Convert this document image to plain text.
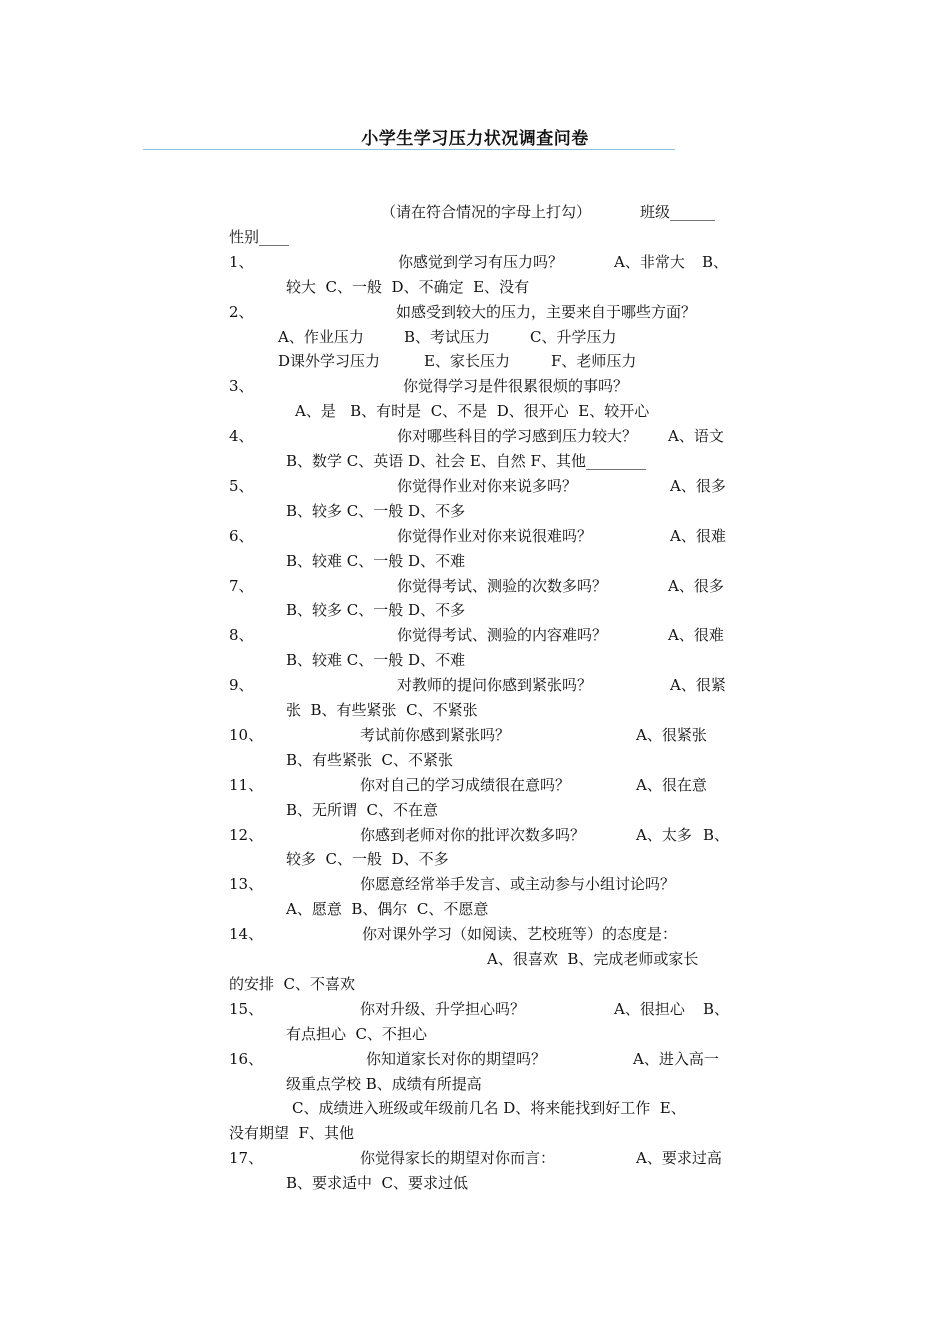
小学生学习压力状况调查问卷
（请在符合情况的字母上打勾）	班级______
性别____
1、	你感觉到学习有压力吗？	A、非常大 B、
较大  C、一般  D、不确定  E、没有
2、	如感受到较大的压力，主要来自于哪些方面？
A、作业压力	B、考试压力	C、升学压力
D课外学习压力	E、家长压力	F、老师压力
3、	你觉得学习是件很累很烦的事吗？
A、是   B、有时是  C、不是  D、很开心  E、较开心
4、	你对哪些科目的学习感到压力较大？ A、语文
B、数学 C、英语 D、社会 E、自然 F、其他________
5、	你觉得作业对你来说多吗？	A、很多
B、较多 C、一般 D、不多
6、	你觉得作业对你来说很难吗？	A、很难
B、较难 C、一般 D、不难
7、	你觉得考试、测验的次数多吗？	A、很多
B、较多 C、一般 D、不多
8、	你觉得考试、测验的内容难吗？	A、很难
B、较难 C、一般 D、不难
9、	对教师的提问你感到紧张吗？	A、很紧
张  B、有些紧张  C、不紧张
10、	考试前你感到紧张吗？	A、很紧张
B、有些紧张  C、不紧张
11、	你对自己的学习成绩很在意吗？	A、很在意
B、无所谓  C、不在意
12、	你感到老师对你的批评次数多吗？	A、太多 B、
较多  C、一般  D、不多
13、	你愿意经常举手发言、或主动参与小组讨论吗？
A、愿意  B、偶尔  C、不愿意
14、	你对课外学习（如阅读、艺校班等）的态度是：
A、很喜欢  B、完成老师或家长
的安排  C、不喜欢
15、	你对升级、升学担心吗？	A、很担心 B、
有点担心  C、不担心
16、	你知道家长对你的期望吗？	A、进入高一
级重点学校 B、成绩有所提高
C、成绩进入班级或年级前几名 D、将来能找到好工作  E、
没有期望  F、其他
17、	你觉得家长的期望对你而言：	A、要求过高
B、要求适中  C、要求过低
